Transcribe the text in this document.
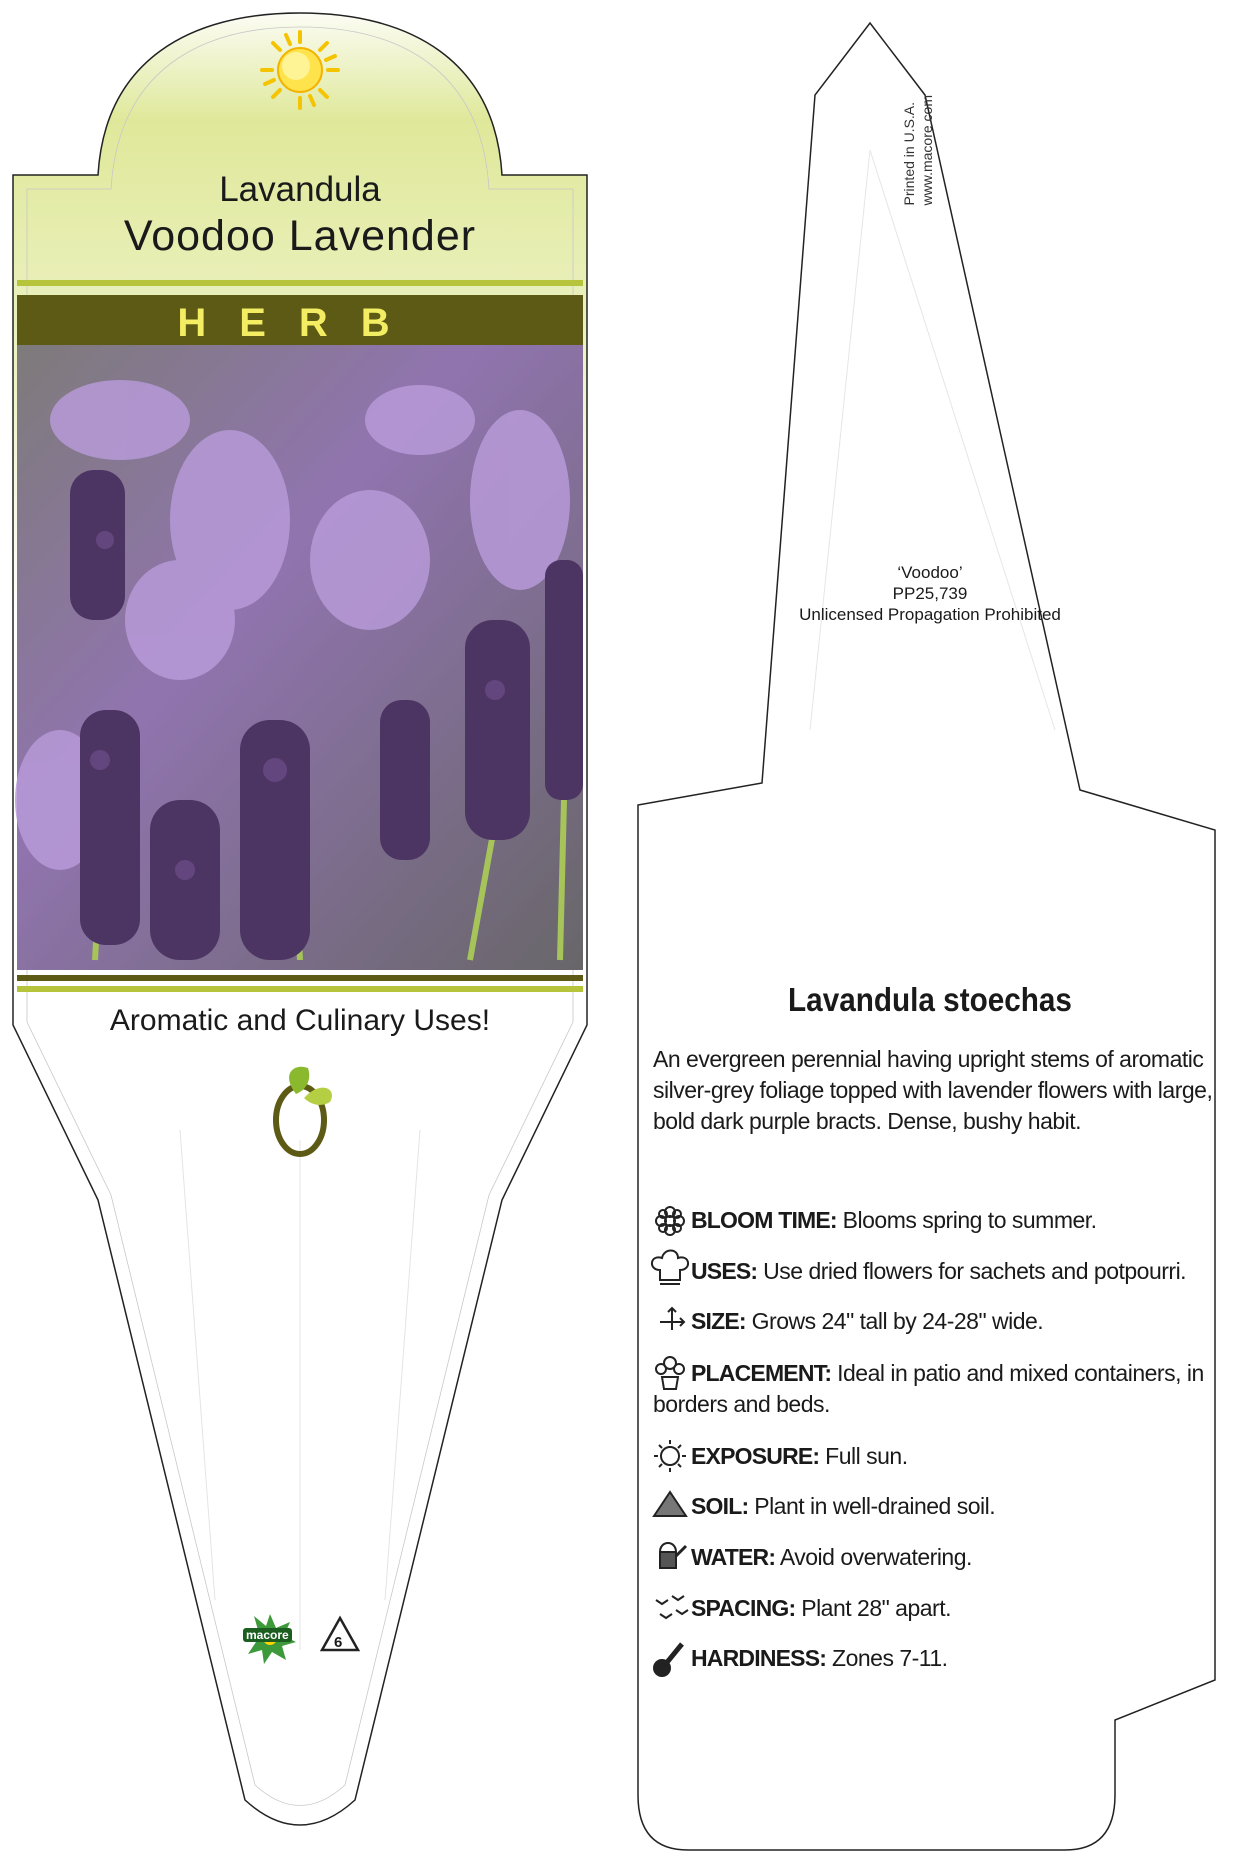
Lavandula
Voodoo Lavender
HERB
Aromatic and Culinary Uses!
macore	6
Printed in U.S.A. www.macore.com
‘Voodoo’
PP25,739
Unlicensed Propagation Prohibited
Lavandula stoechas
An evergreen perennial having upright stems of aromatic silver-grey foliage topped with lavender flowers with large, bold dark purple bracts. Dense, bushy habit.
BLOOM TIME: Blooms spring to summer.
USES: Use dried flowers for sachets and potpourri.
SIZE: Grows 24" tall by 24-28" wide.
PLACEMENT: Ideal in patio and mixed containers, in borders and beds.
EXPOSURE: Full sun.
SOIL: Plant in well-drained soil.
WATER: Avoid overwatering.
SPACING: Plant 28" apart.
HARDINESS: Zones 7-11.
